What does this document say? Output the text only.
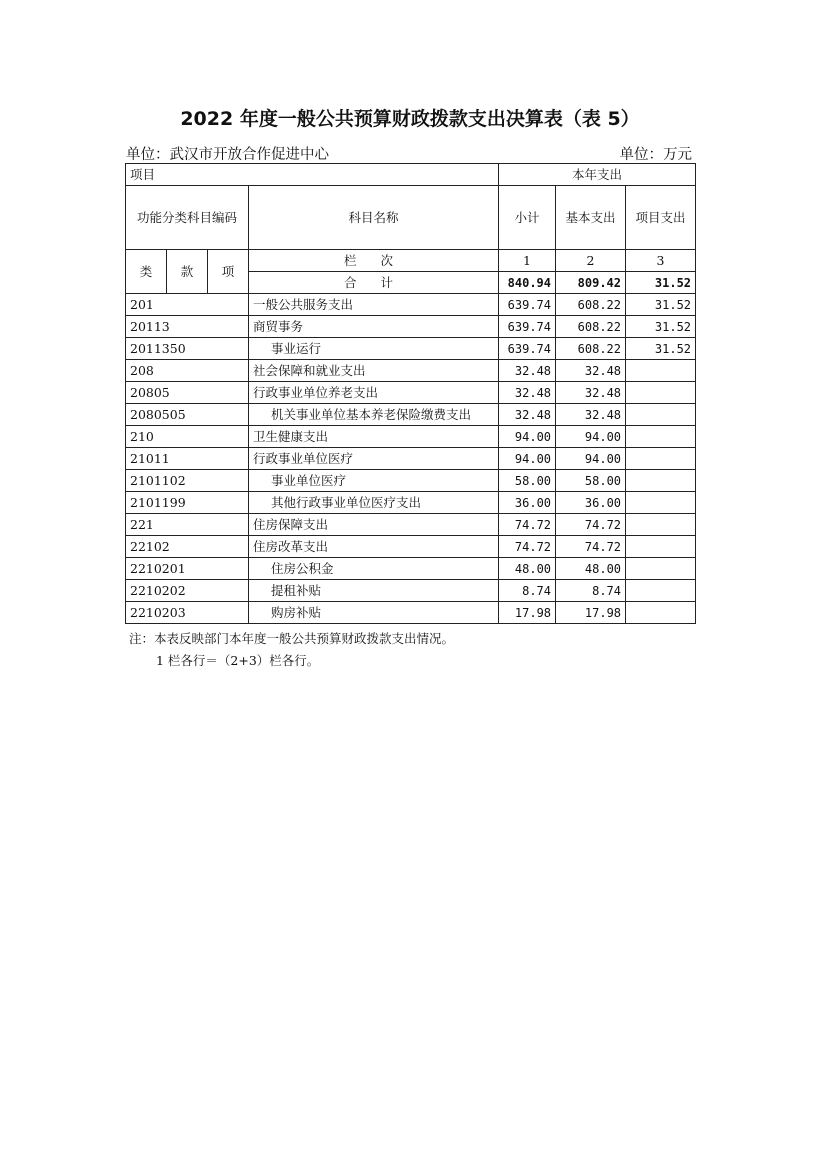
2022 年度一般公共预算财政拨款支出决算表（表 5）
单位：武汉市开放合作促进中心	单位：万元
项目				本年支出		
功能分类科目编码			科目名称	小计	基本支出	项目支出
类	款	项	栏 次	1	2	3
			合 计	840.94	809.42	31.52
201			一般公共服务支出	639.74	608.22	31.52
20113			商贸事务	639.74	608.22	31.52
2011350			事业运行	639.74	608.22	31.52
208			社会保障和就业支出	32.48	32.48	
20805			行政事业单位养老支出	32.48	32.48	
2080505			机关事业单位基本养老保险缴费支出	32.48	32.48	
210			卫生健康支出	94.00	94.00	
21011			行政事业单位医疗	94.00	94.00	
2101102			事业单位医疗	58.00	58.00	
2101199			其他行政事业单位医疗支出	36.00	36.00	
221			住房保障支出	74.72	74.72	
22102			住房改革支出	74.72	74.72	
2210201			住房公积金	48.00	48.00	
2210202			提租补贴	8.74	8.74	
2210203			购房补贴	17.98	17.98	
注：本表反映部门本年度一般公共预算财政拨款支出情况。
1 栏各行＝（2+3）栏各行。
